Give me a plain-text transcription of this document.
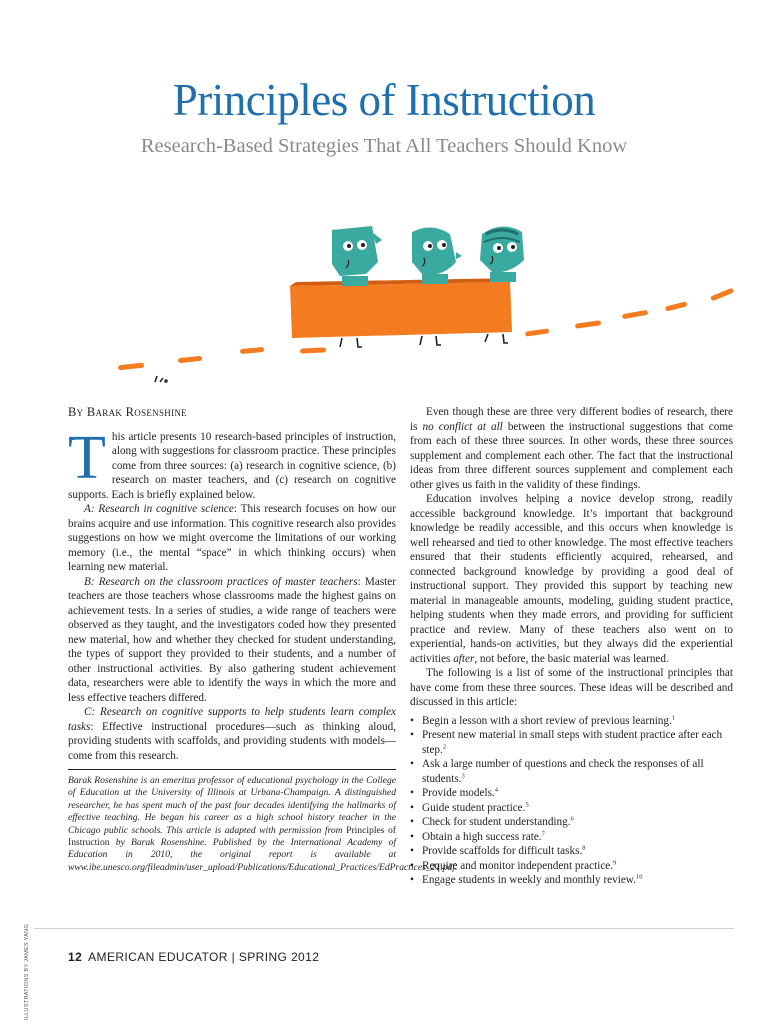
Principles of Instruction
Research-Based Strategies That All Teachers Should Know

By Barak Rosenshine

This article presents 10 research-based principles of instruction, along with suggestions for classroom practice. These principles come from three sources: (a) research in cognitive science, (b) research on master teachers, and (c) research on cognitive supports. Each is briefly explained below.

A: Research in cognitive science: This research focuses on how our brains acquire and use information. This cognitive research also provides suggestions on how we might overcome the limitations of our working memory (i.e., the mental “space” in which thinking occurs) when learning new material.

B: Research on the classroom practices of master teachers: Master teachers are those teachers whose classrooms made the highest gains on achievement tests. In a series of studies, a wide range of teachers were observed as they taught, and the investigators coded how they presented new material, how and whether they checked for student understanding, the types of support they provided to their students, and a number of other instructional activities. By also gathering student achievement data, researchers were able to identify the ways in which the more and less effective teachers differed.

C: Research on cognitive supports to help students learn complex tasks: Effective instructional procedures—such as thinking aloud, providing students with scaffolds, and providing students with models—come from this research.

Barak Rosenshine is an emeritus professor of educational psychology in the College of Education at the University of Illinois at Urbana-Champaign. A distinguished researcher, he has spent much of the past four decades identifying the hallmarks of effective teaching. He began his career as a high school history teacher in the Chicago public schools. This article is adapted with permission from Principles of Instruction by Barak Rosenshine. Published by the International Academy of Education in 2010, the original report is available at www.ibe.unesco.org/fileadmin/user_upload/Publications/Educational_Practices/EdPractices_21.pdf.

Even though these are three very different bodies of research, there is no conflict at all between the instructional suggestions that come from each of these three sources. In other words, these three sources supplement and complement each other. The fact that the instructional ideas from three different sources supplement and complement each other gives us faith in the validity of these findings.

Education involves helping a novice develop strong, readily accessible background knowledge. It’s important that background knowledge be readily accessible, and this occurs when knowledge is well rehearsed and tied to other knowledge. The most effective teachers ensured that their students efficiently acquired, rehearsed, and connected background knowledge by providing a good deal of instructional support. They provided this support by teaching new material in manageable amounts, modeling, guiding student practice, helping students when they made errors, and providing for sufficient practice and review. Many of these teachers also went on to experiential, hands-on activities, but they always did the experiential activities after, not before, the basic material was learned.

The following is a list of some of the instructional principles that have come from these three sources. These ideas will be described and discussed in this article:

• Begin a lesson with a short review of previous learning.$^1$
• Present new material in small steps with student practice after each step.$^2$
• Ask a large number of questions and check the responses of all students.$^3$
• Provide models.$^4$
• Guide student practice.$^5$
• Check for student understanding.$^6$
• Obtain a high success rate.$^7$
• Provide scaffolds for difficult tasks.$^8$
• Require and monitor independent practice.$^9$
• Engage students in weekly and monthly review.$^{10}$
ILLUSTRATIONS BY JAMES YANG	12 AMERICAN EDUCATOR | SPRING 2012
